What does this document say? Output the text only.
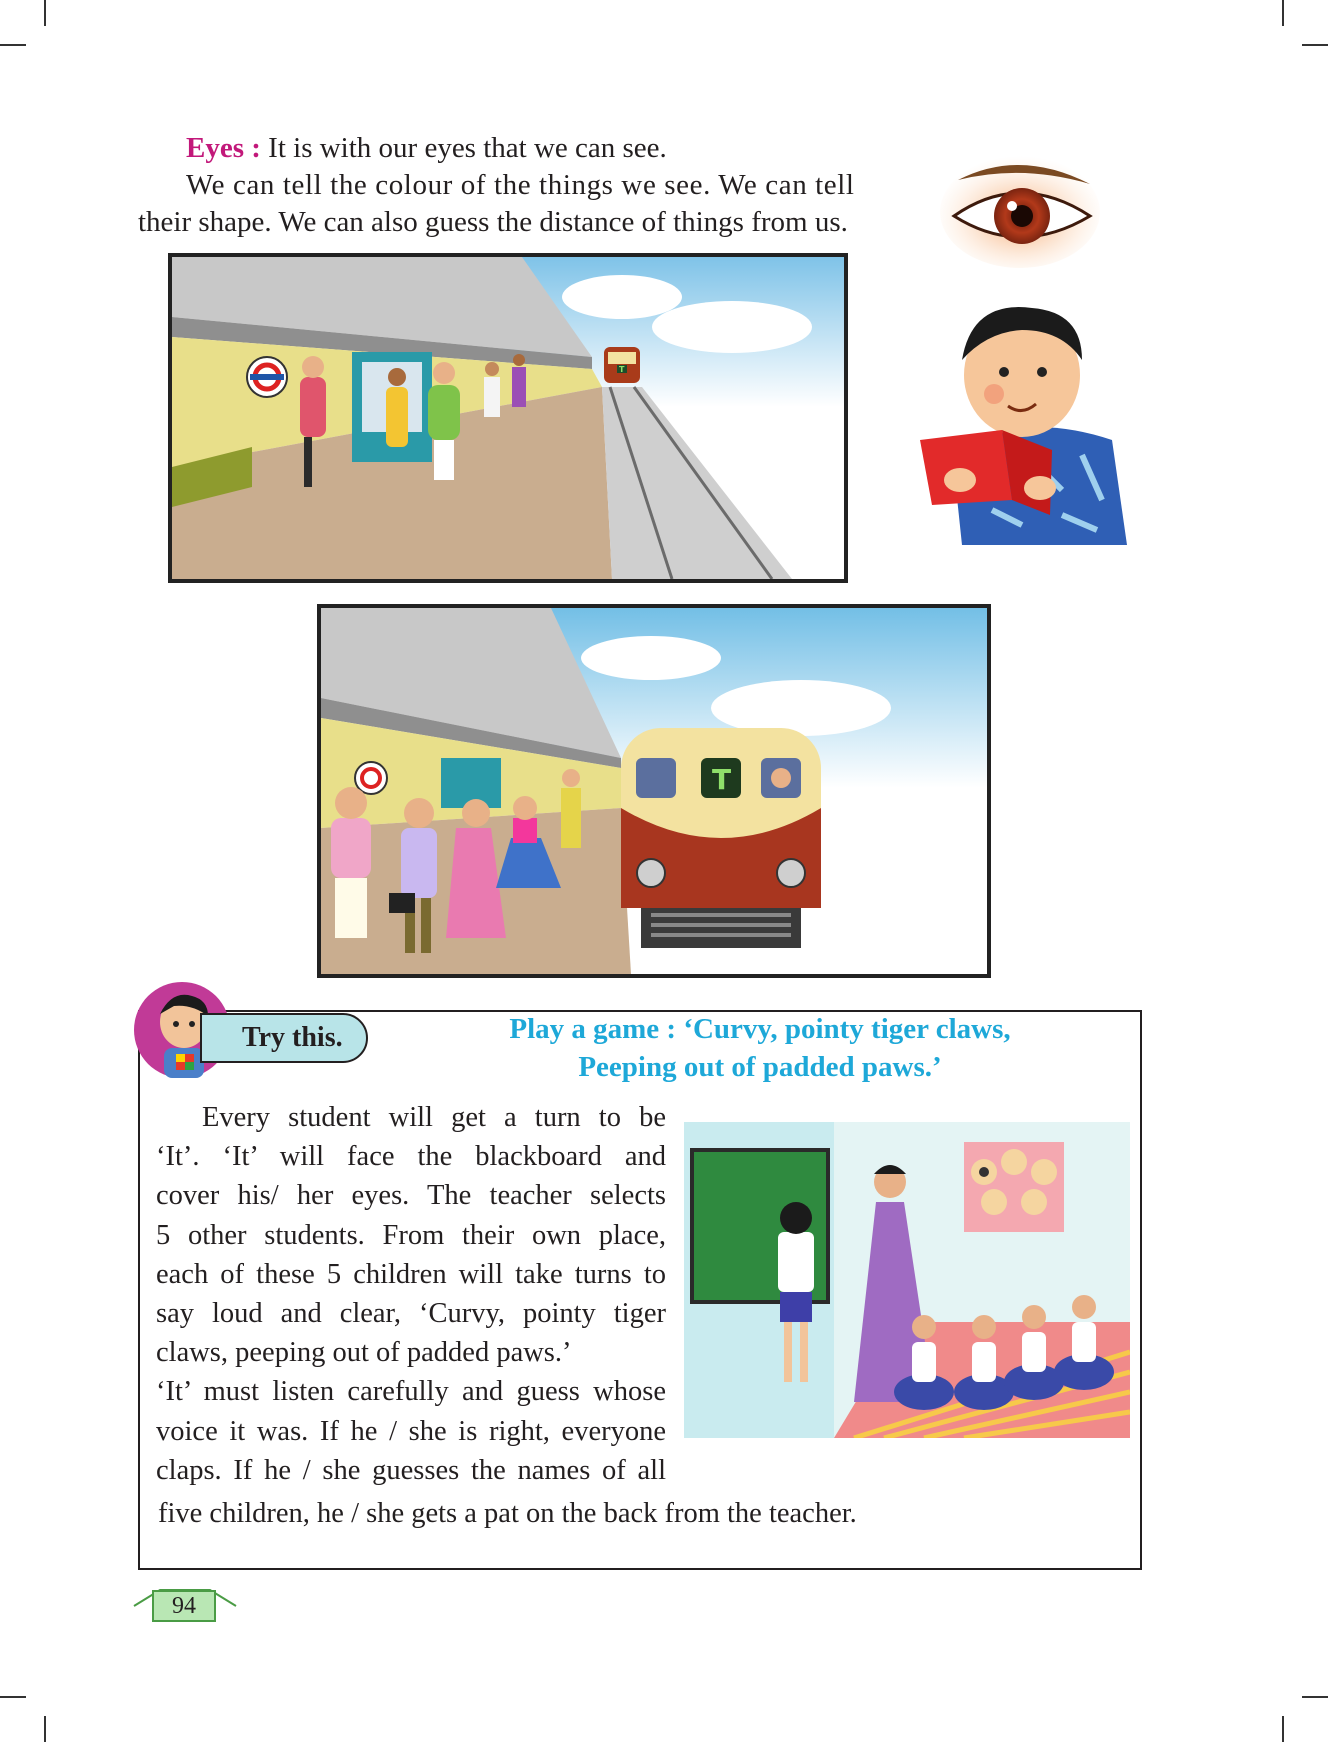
Eyes : It is with our eyes that we can see.
We can tell the colour of the things we see. We can tell
their shape. We can also guess the distance of things from us.
T
T
Try this.	Play a game : ‘Curvy, pointy tiger claws,
Peeping out of padded paws.’
Every student will get a turn to be
‘It’. ‘It’ will face the blackboard and
cover his/ her eyes. The teacher selects
5 other students. From their own place,
each of these 5 children will take turns to
say loud and clear, ‘Curvy, pointy tiger
claws, peeping out of padded paws.’
‘It’ must listen carefully and guess whose
voice it was. If he / she is right, everyone
claps. If he / she guesses the names of all
five children, he / she gets a pat on the back from the teacher.
94
